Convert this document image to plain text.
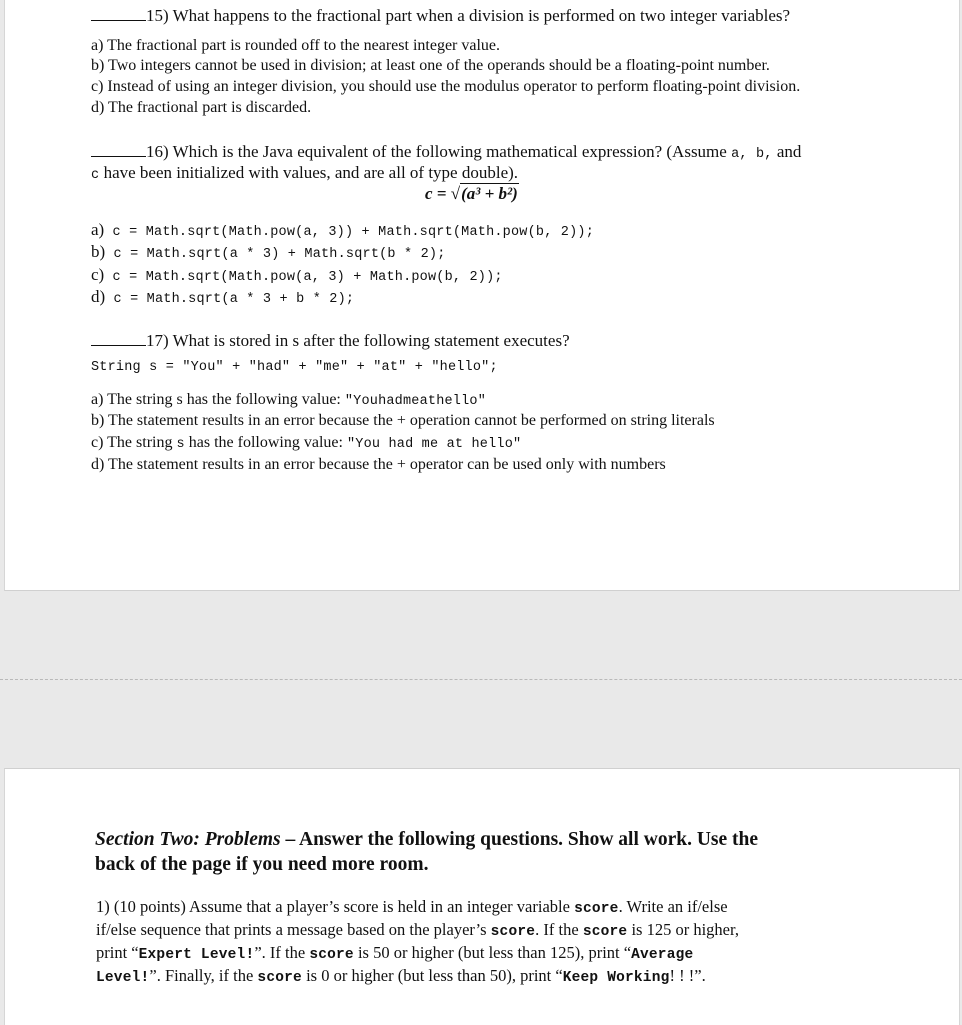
15) What happens to the fractional part when a division is performed on two integer variables?
a) The fractional part is rounded off to the nearest integer value.
b) Two integers cannot be used in division; at least one of the operands should be a floating-point number.
c) Instead of using an integer division, you should use the modulus operator to perform floating-point division.
d) The fractional part is discarded.
16) Which is the Java equivalent of the following mathematical expression? (Assume a, b, and
c have been initialized with values, and are all of type double).
c = √(a³ + b²)
a) c = Math.sqrt(Math.pow(a, 3)) + Math.sqrt(Math.pow(b, 2));
b) c = Math.sqrt(a * 3) + Math.sqrt(b * 2);
c) c = Math.sqrt(Math.pow(a, 3) + Math.pow(b, 2));
d) c = Math.sqrt(a * 3 + b * 2);
17) What is stored in s after the following statement executes?
String s = "You" + "had" + "me" + "at" + "hello";
a) The string s has the following value: "Youhadmeathello"
b) The statement results in an error because the + operation cannot be performed on string literals
c) The string s has the following value: "You had me at hello"
d) The statement results in an error because the + operator can be used only with numbers
Section Two: Problems – Answer the following questions. Show all work. Use the
back of the page if you need more room.
1) (10 points) Assume that a player’s score is held in an integer variable score. Write an if/else
if/else sequence that prints a message based on the player’s score. If the score is 125 or higher,
print “Expert Level!”. If the score is 50 or higher (but less than 125), print “Average
Level!”. Finally, if the score is 0 or higher (but less than 50), print “Keep Working! ! !”.
